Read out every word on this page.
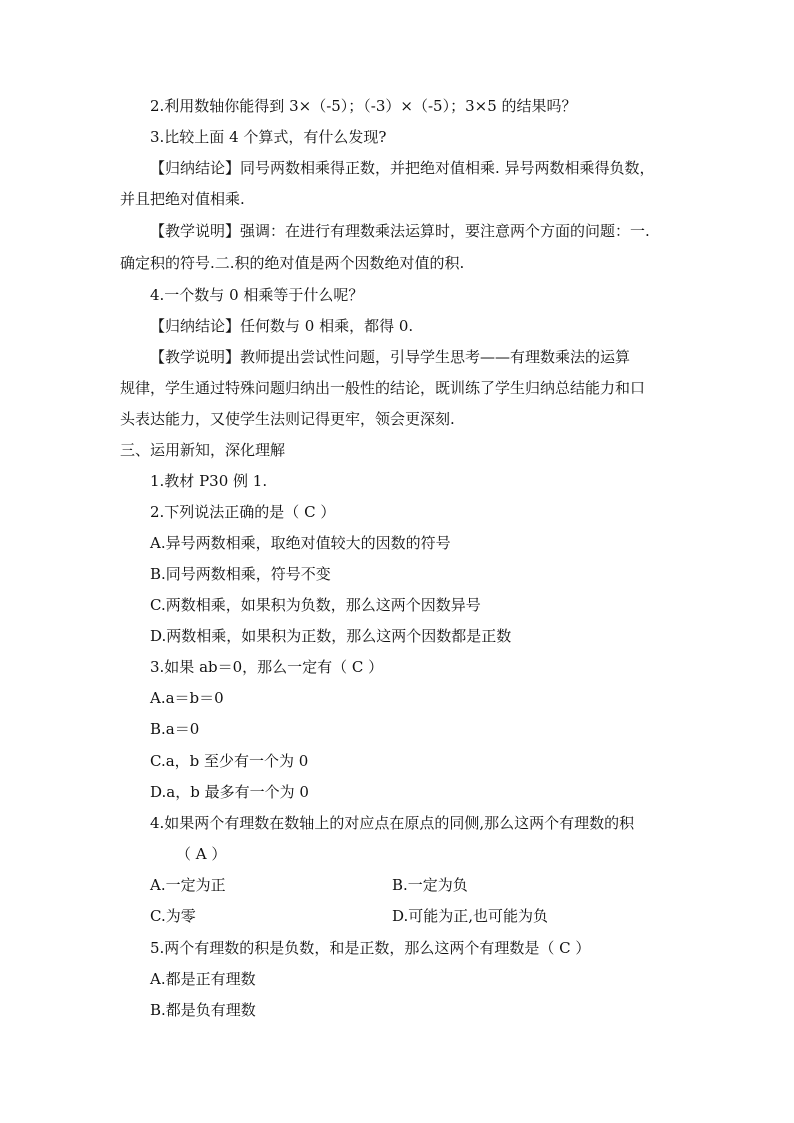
2.利用数轴你能得到 3×（-5）；（-3）×（-5）；3×5 的结果吗？
3.比较上面 4 个算式，有什么发现?
【归纳结论】同号两数相乘得正数，并把绝对值相乘. 异号两数相乘得负数，
并且把绝对值相乘.
【教学说明】强调：在进行有理数乘法运算时，要注意两个方面的问题：一.
确定积的符号.二.积的绝对值是两个因数绝对值的积.
4.一个数与 0 相乘等于什么呢？
【归纳结论】任何数与 0 相乘，都得 0.
【教学说明】教师提出尝试性问题，引导学生思考——有理数乘法的运算
规律，学生通过特殊问题归纳出一般性的结论，既训练了学生归纳总结能力和口
头表达能力，又使学生法则记得更牢，领会更深刻.
三、运用新知，深化理解
1.教材 P30 例 1.
2.下列说法正确的是（ C ）
A.异号两数相乘，取绝对值较大的因数的符号
B.同号两数相乘，符号不变
C.两数相乘，如果积为负数，那么这两个因数异号
D.两数相乘，如果积为正数，那么这两个因数都是正数
3.如果 ab＝0，那么一定有（ C ）
A.a＝b＝0
B.a＝0
C.a，b 至少有一个为 0
D.a，b 最多有一个为 0
4.如果两个有理数在数轴上的对应点在原点的同侧,那么这两个有理数的积
（ A ）
A.一定为正	B.一定为负
C.为零	D.可能为正,也可能为负
5.两个有理数的积是负数，和是正数，那么这两个有理数是（ C ）
A.都是正有理数
B.都是负有理数
